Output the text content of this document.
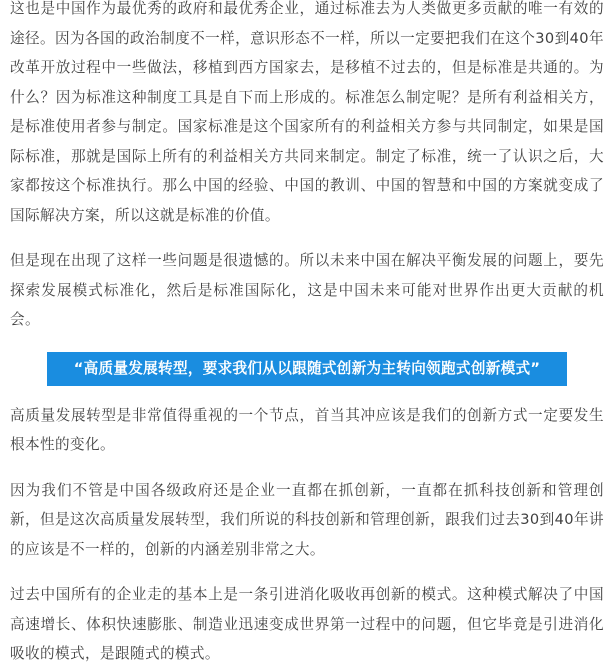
这也是中国作为最优秀的政府和最优秀企业，通过标准去为人类做更多贡献的唯一有效的途径。因为各国的政治制度不一样，意识形态不一样，所以一定要把我们在这个30到40年改革开放过程中一些做法，移植到西方国家去，是移植不过去的，但是标准是共通的。为什么？因为标准这种制度工具是自下而上形成的。标准怎么制定呢？是所有利益相关方，是标准使用者参与制定。国家标准是这个国家所有的利益相关方参与共同制定，如果是国际标准，那就是国际上所有的利益相关方共同来制定。制定了标准，统一了认识之后，大家都按这个标准执行。那么中国的经验、中国的教训、中国的智慧和中国的方案就变成了国际解决方案，所以这就是标准的价值。

但是现在出现了这样一些问题是很遗憾的。所以未来中国在解决平衡发展的问题上，要先探索发展模式标准化，然后是标准国际化，这是中国未来可能对世界作出更大贡献的机会。

“高质量发展转型，要求我们从以跟随式创新为主转向领跑式创新模式”

高质量发展转型是非常值得重视的一个节点，首当其冲应该是我们的创新方式一定要发生根本性的变化。

因为我们不管是中国各级政府还是企业一直都在抓创新，一直都在抓科技创新和管理创新，但是这次高质量发展转型，我们所说的科技创新和管理创新，跟我们过去30到40年讲的应该是不一样的，创新的内涵差别非常之大。

过去中国所有的企业走的基本上是一条引进消化吸收再创新的模式。这种模式解决了中国高速增长、体积快速膨胀、制造业迅速变成世界第一过程中的问题，但它毕竟是引进消化吸收的模式，是跟随式的模式。
